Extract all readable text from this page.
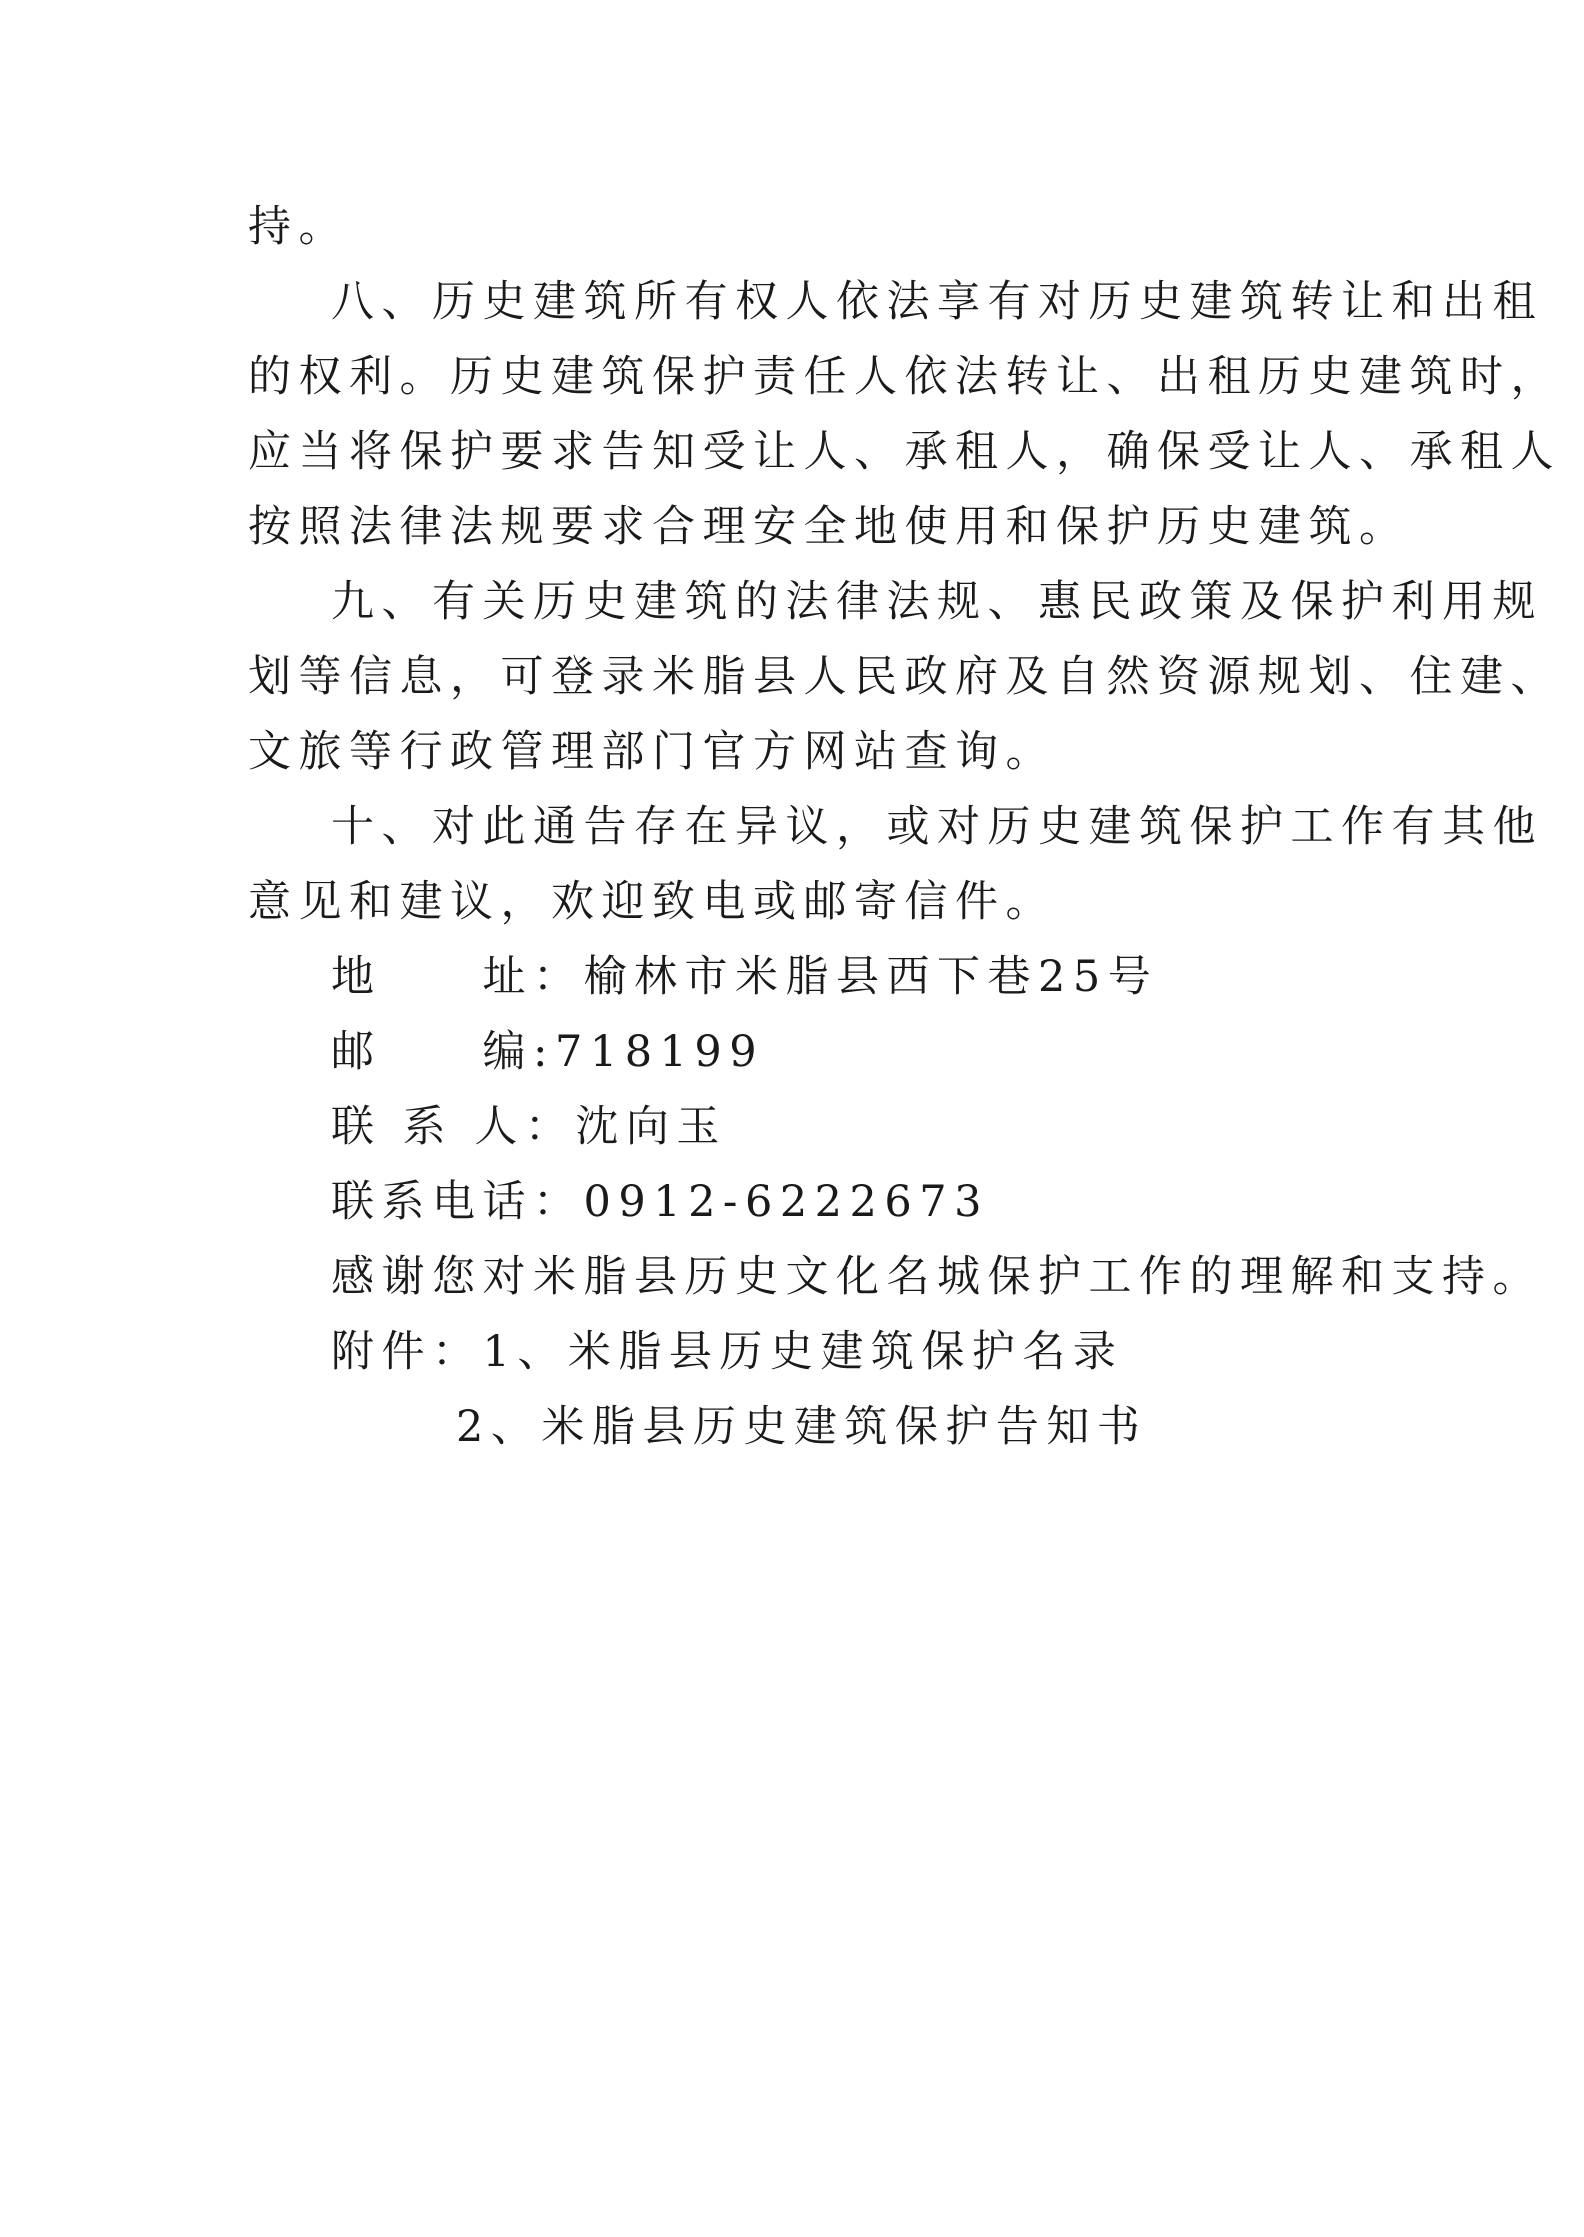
持。
八、历史建筑所有权人依法享有对历史建筑转让和出租
的权利。历史建筑保护责任人依法转让、出租历史建筑时，
应当将保护要求告知受让人、承租人，确保受让人、承租人
按照法律法规要求合理安全地使用和保护历史建筑。
九、有关历史建筑的法律法规、惠民政策及保护利用规
划等信息，可登录米脂县人民政府及自然资源规划、住建、
文旅等行政管理部门官方网站查询。
十、对此通告存在异议，或对历史建筑保护工作有其他
意见和建议，欢迎致电或邮寄信件。
地　　址：榆林市米脂县西下巷25号
邮　　编:718199
联 系 人：沈向玉
联系电话：0912-6222673
感谢您对米脂县历史文化名城保护工作的理解和支持。
附件：1、米脂县历史建筑保护名录
2、米脂县历史建筑保护告知书
